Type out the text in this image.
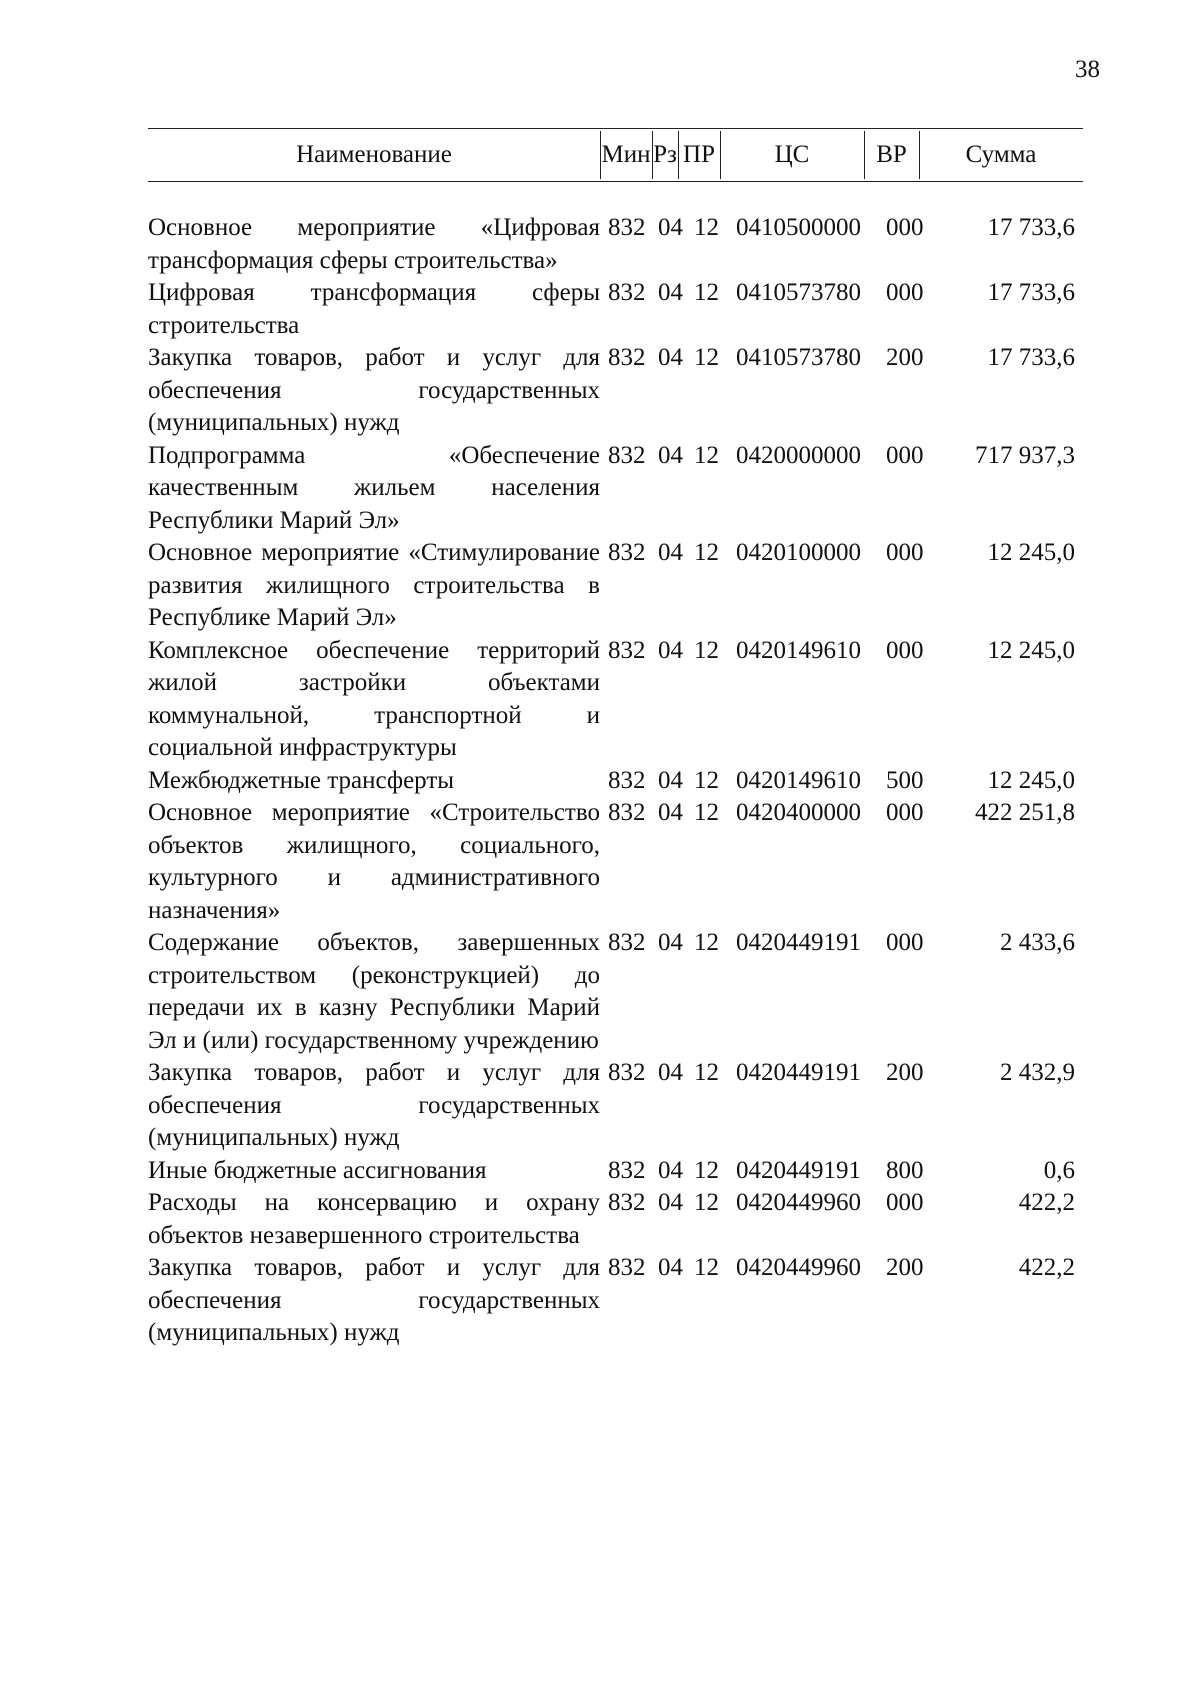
38
Наименование	Мин Рз ПР	ЦС	ВР	Сумма
Основное мероприятие «Цифровая трансформация сферы строительства»
832 04 12 0410500000 000	17 733,6
Цифровая трансформация сферы строительства
832 04 12 0410573780 000	17 733,6
Закупка товаров, работ и услуг для обеспечения государственных (муниципальных) нужд
832 04 12 0410573780 200	17 733,6
Подпрограмма «Обеспечение качественным жильем населения Республики Марий Эл»
832 04 12 0420000000 000	717 937,3
Основное мероприятие «Стимулирование развития жилищного строительства в Республике Марий Эл»
832 04 12 0420100000 000	12 245,0
Комплексное обеспечение территорий жилой застройки объектами коммунальной, транспортной и социальной инфраструктуры
832 04 12 0420149610 000	12 245,0
Межбюджетные трансферты	832 04 12 0420149610 500	12 245,0
Основное мероприятие «Строительство объектов жилищного, социального, культурного и административного назначения»
832 04 12 0420400000 000	422 251,8
Содержание объектов, завершенных строительством (реконструкцией) до передачи их в казну Республики Марий Эл и (или) государственному учреждению
832 04 12 0420449191 000	2 433,6
Закупка товаров, работ и услуг для обеспечения государственных (муниципальных) нужд
832 04 12 0420449191 200	2 432,9
Иные бюджетные ассигнования	832 04 12 0420449191 800	0,6
Расходы на консервацию и охрану объектов незавершенного строительства
832 04 12 0420449960 000	422,2
Закупка товаров, работ и услуг для обеспечения государственных (муниципальных) нужд
832 04 12 0420449960 200	422,2
